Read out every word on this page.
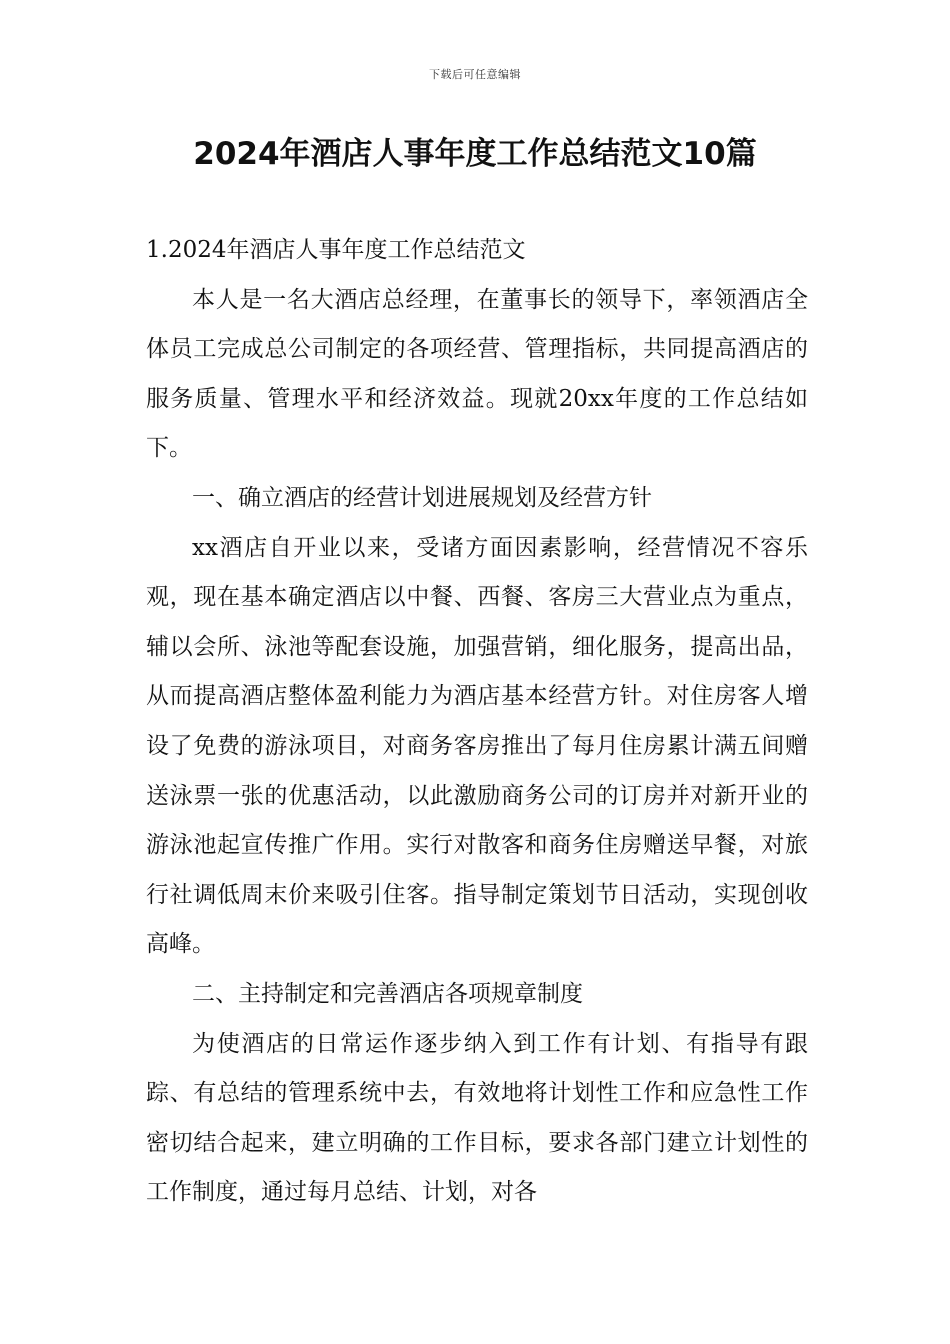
下载后可任意编辑
2024年酒店人事年度工作总结范文10篇

1.2024年酒店人事年度工作总结范文

本人是一名大酒店总经理，在董事长的领导下，率领酒店全体员工完成总公司制定的各项经营、管理指标，共同提高酒店的服务质量、管理水平和经济效益。现就20xx年度的工作总结如下。

一、确立酒店的经营计划进展规划及经营方针

xx酒店自开业以来，受诸方面因素影响，经营情况不容乐观，现在基本确定酒店以中餐、西餐、客房三大营业点为重点，辅以会所、泳池等配套设施，加强营销，细化服务，提高出品，从而提高酒店整体盈利能力为酒店基本经营方针。对住房客人增设了免费的游泳项目，对商务客房推出了每月住房累计满五间赠送泳票一张的优惠活动，以此激励商务公司的订房并对新开业的游泳池起宣传推广作用。实行对散客和商务住房赠送早餐，对旅行社调低周末价来吸引住客。指导制定策划节日活动，实现创收高峰。

二、主持制定和完善酒店各项规章制度

为使酒店的日常运作逐步纳入到工作有计划、有指导有跟踪、有总结的管理系统中去，有效地将计划性工作和应急性工作密切结合起来，建立明确的工作目标，要求各部门建立计划性的工作制度，通过每月总结、计划，对各
